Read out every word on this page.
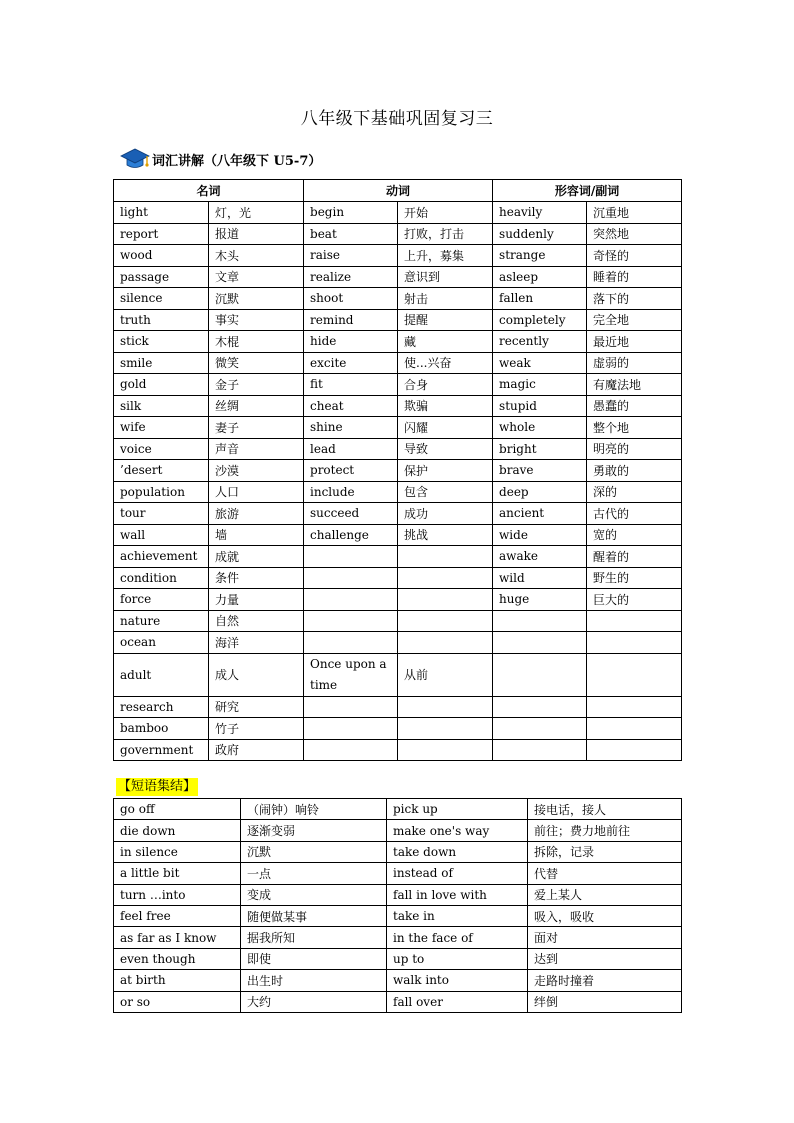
八年级下基础巩固复习三
词汇讲解 （八年级下 U5-7）
名词		动词		形容词/副词	
light	灯，光	begin	开始	heavily	沉重地
report	报道	beat	打败，打击	suddenly	突然地
wood	木头	raise	上升，募集	strange	奇怪的
passage	文章	realize	意识到	asleep	睡着的
silence	沉默	shoot	射击	fallen	落下的
truth	事实	remind	提醒	completely	完全地
stick	木棍	hide	藏	recently	最近地
smile	微笑	excite	使...兴奋	weak	虚弱的
gold	金子	fit	合身	magic	有魔法地
silk	丝绸	cheat	欺骗	stupid	愚蠢的
wife	妻子	shine	闪耀	whole	整个地
voice	声音	lead	导致	bright	明亮的
’desert	沙漠	protect	保护	brave	勇敢的
population	人口	include	包含	deep	深的
tour	旅游	succeed	成功	ancient	古代的
wall	墙	challenge	挑战	wide	宽的
achievement	成就			awake	醒着的
condition	条件			wild	野生的
force	力量			huge	巨大的
nature	自然				
ocean	海洋				
adult	成人	Once upon a time	从前		
research	研究				
bamboo	竹子				
government	政府				
【短语集结】
go off	（闹钟）响铃	pick up	接电话，接人
die down	逐渐变弱	make one's way	前往；费力地前往
in silence	沉默	take down	拆除，记录
a little bit	一点	instead of	代替
turn …into	变成	fall in love with	爱上某人
feel free	随便做某事	take in	吸入，吸收
as far as I know	据我所知	in the face of	面对
even though	即使	up to	达到
at birth	出生时	walk into	走路时撞着
or so	大约	fall over	绊倒
